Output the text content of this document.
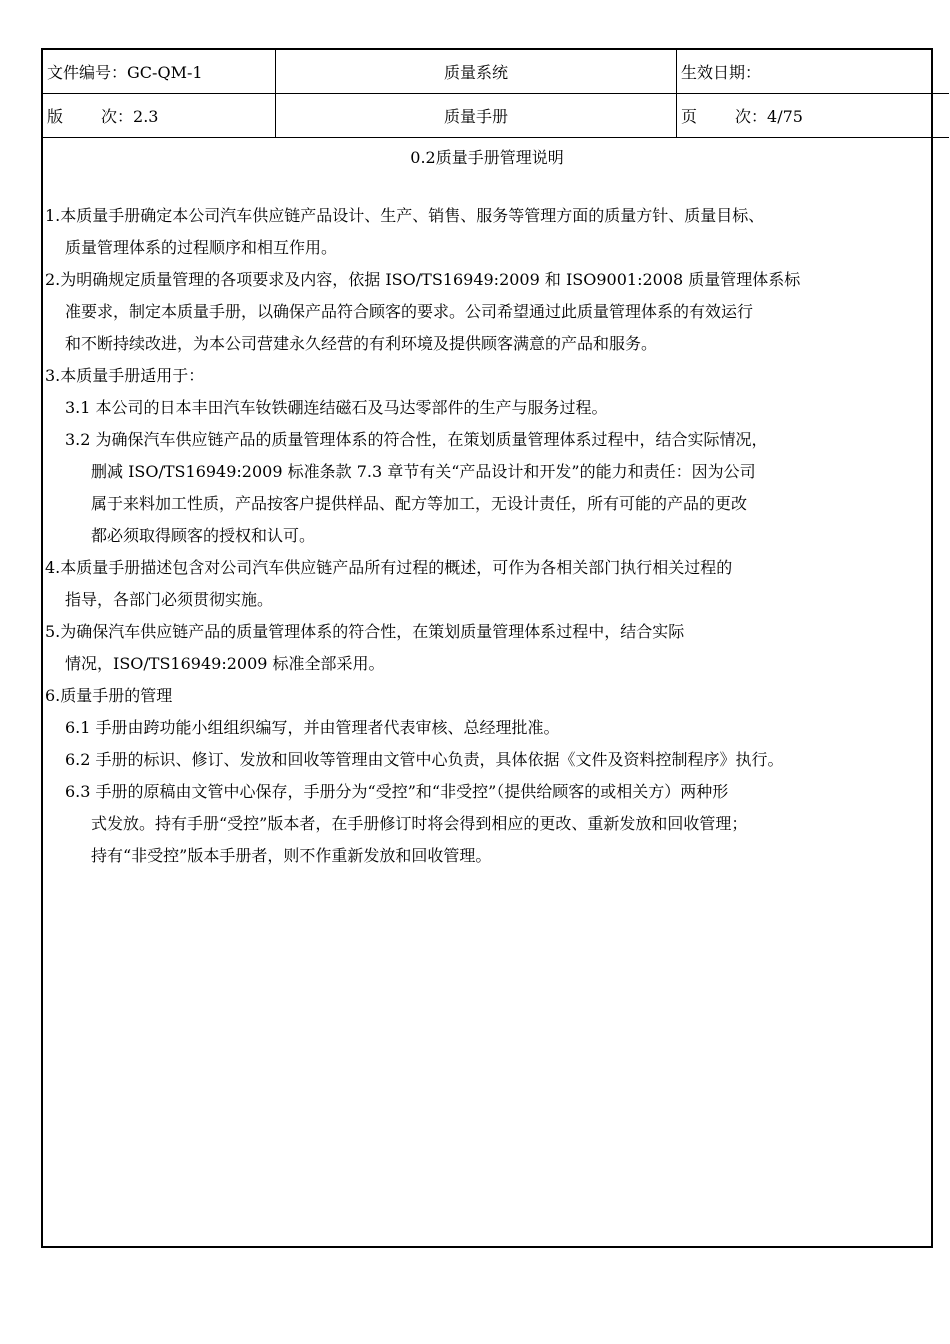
文件编号：GC-QM-1	质量系统	生效日期：
版 次：2.3	质量手册	页 次：4/75
0.2质量手册管理说明
1.本质量手册确定本公司汽车供应链产品设计、生产、销售、服务等管理方面的质量方针、质量目标、
质量管理体系的过程顺序和相互作用。
2.为明确规定质量管理的各项要求及内容，依据 ISO/TS16949:2009 和 ISO9001:2008 质量管理体系标
准要求，制定本质量手册，以确保产品符合顾客的要求。公司希望通过此质量管理体系的有效运行
和不断持续改进，为本公司营建永久经营的有利环境及提供顾客满意的产品和服务。
3.本质量手册适用于：
3.1 本公司的日本丰田汽车钕铁硼连结磁石及马达零部件的生产与服务过程。
3.2 为确保汽车供应链产品的质量管理体系的符合性，在策划质量管理体系过程中，结合实际情况，
删减 ISO/TS16949:2009 标准条款 7.3 章节有关“产品设计和开发”的能力和责任：因为公司
属于来料加工性质，产品按客户提供样品、配方等加工，无设计责任，所有可能的产品的更改
都必须取得顾客的授权和认可。
4.本质量手册描述包含对公司汽车供应链产品所有过程的概述，可作为各相关部门执行相关过程的
指导，各部门必须贯彻实施。
5.为确保汽车供应链产品的质量管理体系的符合性，在策划质量管理体系过程中，结合实际
情况，ISO/TS16949:2009 标准全部采用。
6.质量手册的管理
6.1 手册由跨功能小组组织编写，并由管理者代表审核、总经理批准。
6.2 手册的标识、修订、发放和回收等管理由文管中心负责，具体依据《文件及资料控制程序》执行。
6.3 手册的原稿由文管中心保存，手册分为“受控”和“非受控”（提供给顾客的或相关方）两种形
式发放。持有手册“受控”版本者，在手册修订时将会得到相应的更改、重新发放和回收管理；
持有“非受控”版本手册者，则不作重新发放和回收管理。
